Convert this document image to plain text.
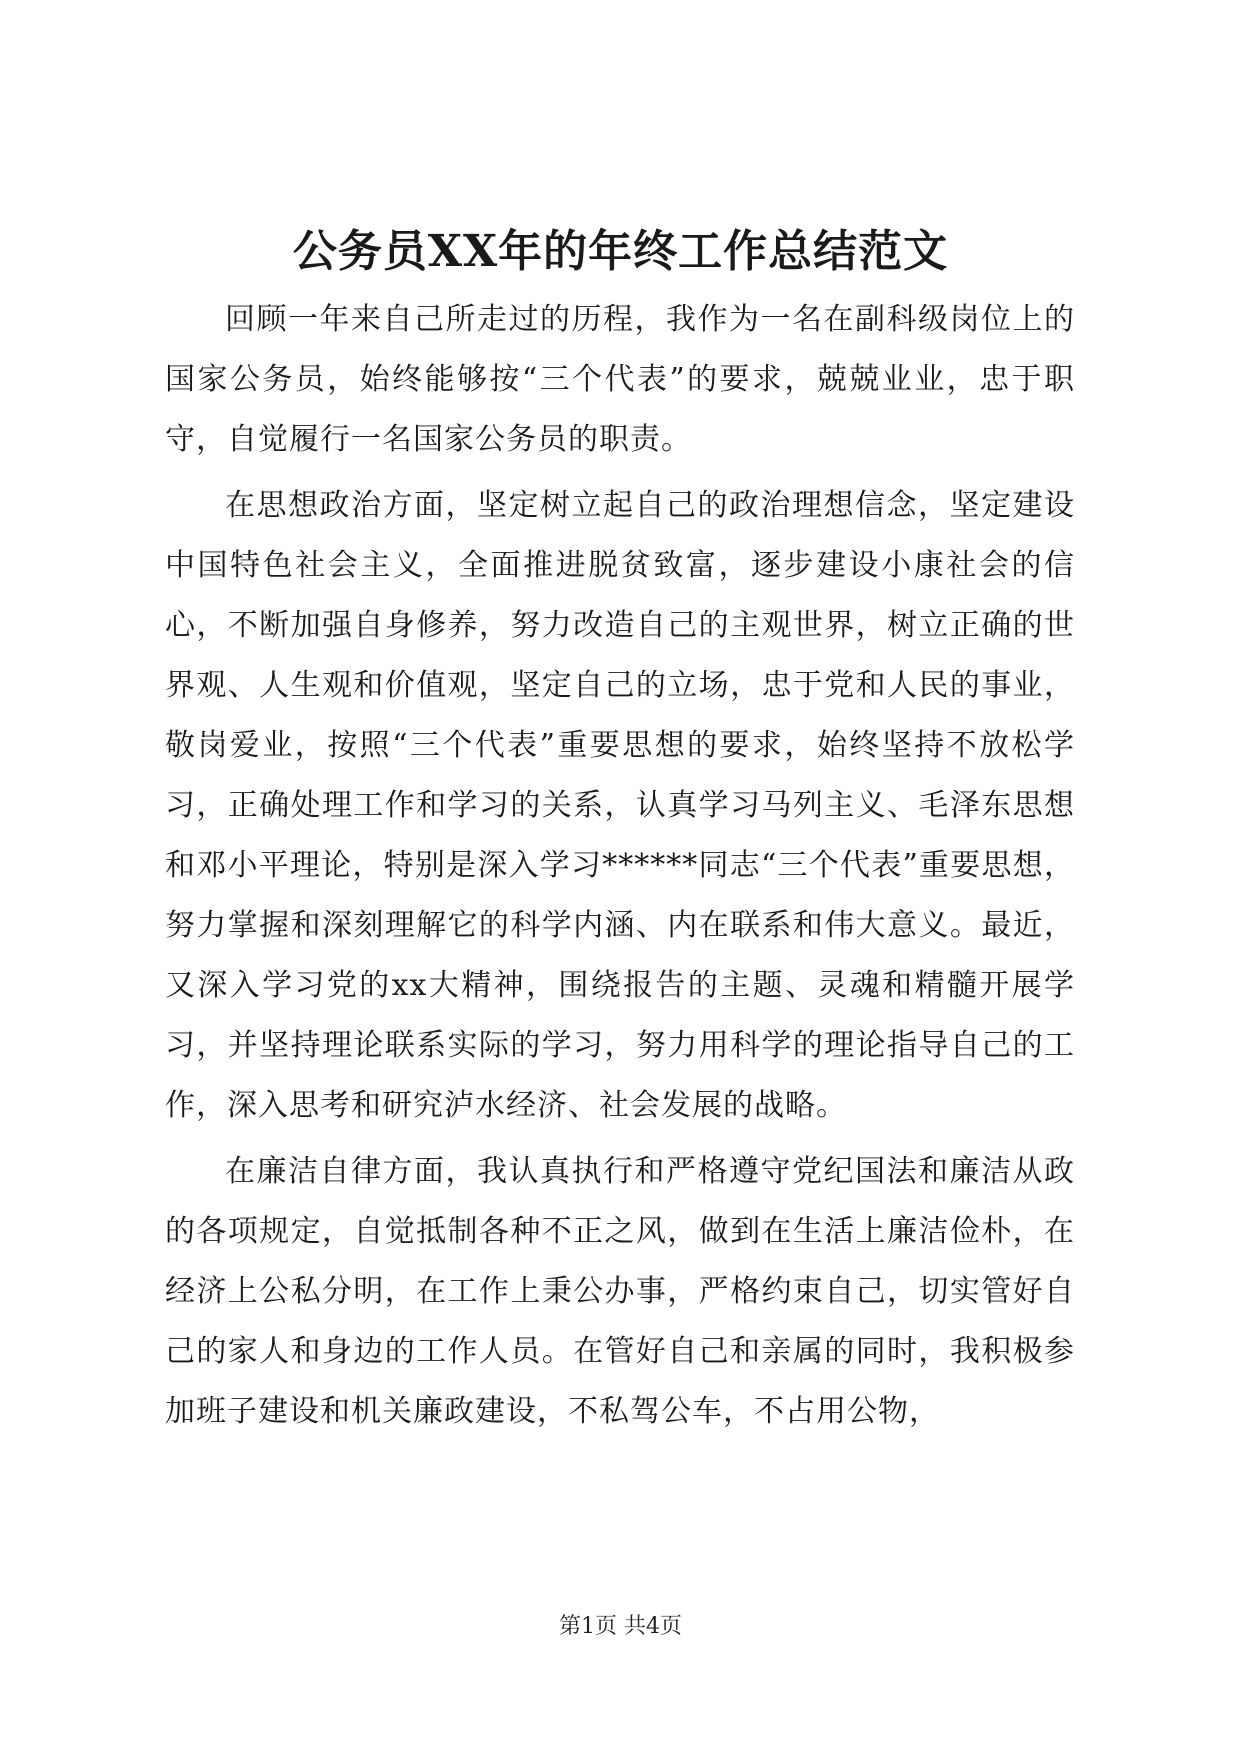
公务员XX年的年终工作总结范文

回顾一年来自己所走过的历程，我作为一名在副科级岗位上的国家公务员，始终能够按“三个代表”的要求，兢兢业业，忠于职守，自觉履行一名国家公务员的职责。

在思想政治方面，坚定树立起自己的政治理想信念，坚定建设中国特色社会主义，全面推进脱贫致富，逐步建设小康社会的信心，不断加强自身修养，努力改造自己的主观世界，树立正确的世界观、人生观和价值观，坚定自己的立场，忠于党和人民的事业，敬岗爱业，按照“三个代表”重要思想的要求，始终坚持不放松学习，正确处理工作和学习的关系，认真学习马列主义、毛泽东思想和邓小平理论，特别是深入学习******同志“三个代表”重要思想，努力掌握和深刻理解它的科学内涵、内在联系和伟大意义。最近，又深入学习党的xx大精神，围绕报告的主题、灵魂和精髓开展学习，并坚持理论联系实际的学习，努力用科学的理论指导自己的工作，深入思考和研究泸水经济、社会发展的战略。

在廉洁自律方面，我认真执行和严格遵守党纪国法和廉洁从政的各项规定，自觉抵制各种不正之风，做到在生活上廉洁俭朴，在经济上公私分明，在工作上秉公办事，严格约束自己，切实管好自己的家人和身边的工作人员。在管好自己和亲属的同时，我积极参加班子建设和机关廉政建设，不私驾公车，不占用公物，

第1页 共4页
